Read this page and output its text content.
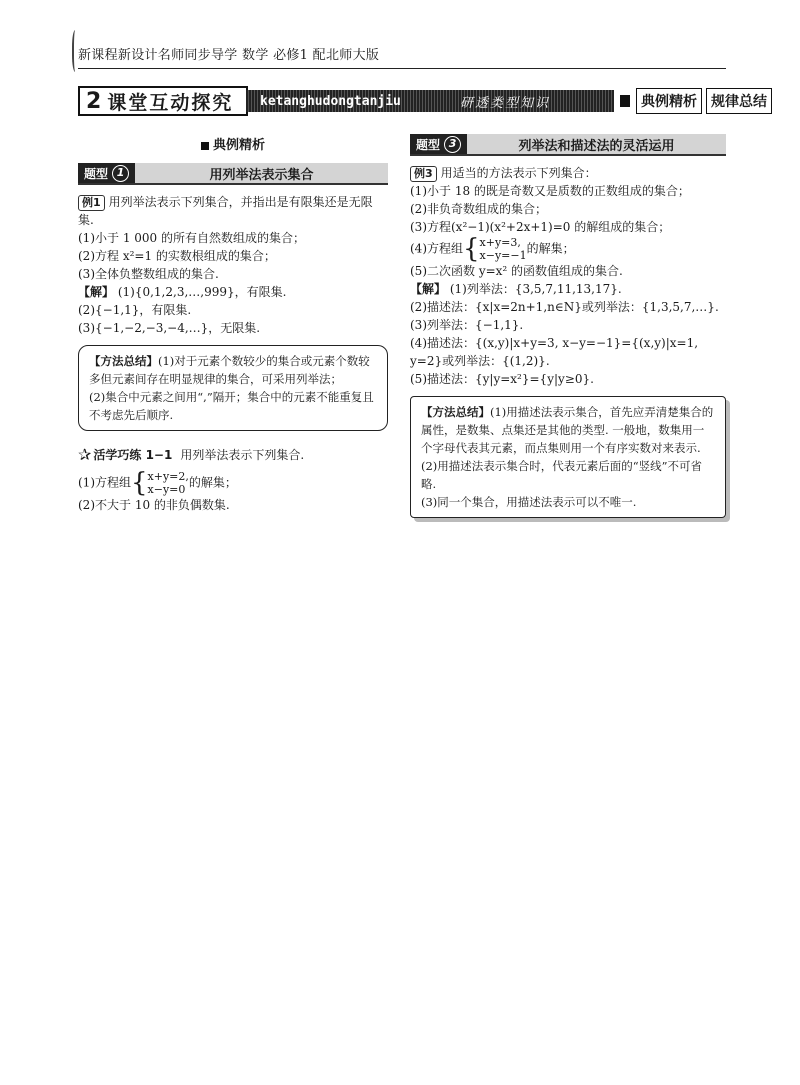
新课程新设计名师同步导学 数学 必修1 配北师大版
2 课堂互动探究	ketanghudongtanjiu	研透类型知识	典例精析	规律总结
典例精析
题型 1	用列举法表示集合
例1 用列举法表示下列集合，并指出是有限集还是无限集.
(1)小于 1 000 的所有自然数组成的集合；
(2)方程 x²=1 的实数根组成的集合；
(3)全体负整数组成的集合.
【解】 (1){0,1,2,3,…,999}，有限集.
(2){−1,1}，有限集.
(3){−1,−2,−3,−4,…}，无限集.
【方法总结】(1)对于元素个数较少的集合或元素个数较多但元素间存在明显规律的集合，可采用列举法；
(2)集合中元素之间用“,”隔开；集合中的元素不能重复且不考虑先后顺序.
✰ 活学巧练 1−1 用列举法表示下列集合.
(1)方程组 { x+y=2,
x−y=0 的解集；
(2)不大于 10 的非负偶数集.
题型 3	列举法和描述法的灵活运用
例3 用适当的方法表示下列集合：
(1)小于 18 的既是奇数又是质数的正数组成的集合；
(2)非负奇数组成的集合；
(3)方程(x²−1)(x²+2x+1)=0 的解组成的集合；
(4)方程组 { x+y=3,
x−y=−1 的解集；
(5)二次函数 y=x² 的函数值组成的集合.
【解】 (1)列举法：{3,5,7,11,13,17}.
(2)描述法：{x|x=2n+1,n∈N}或列举法：{1,3,5,7,…}.
(3)列举法：{−1,1}.
(4)描述法：{(x,y)|x+y=3, x−y=−1}={(x,y)|x=1, y=2}或列举法：{(1,2)}.
(5)描述法：{y|y=x²}={y|y≥0}.
【方法总结】(1)用描述法表示集合，首先应弄清楚集合的属性，是数集、点集还是其他的类型. 一般地，数集用一个字母代表其元素，而点集则用一个有序实数对来表示.
(2)用描述法表示集合时，代表元素后面的“竖线”不可省略.
(3)同一个集合，用描述法表示可以不唯一.
